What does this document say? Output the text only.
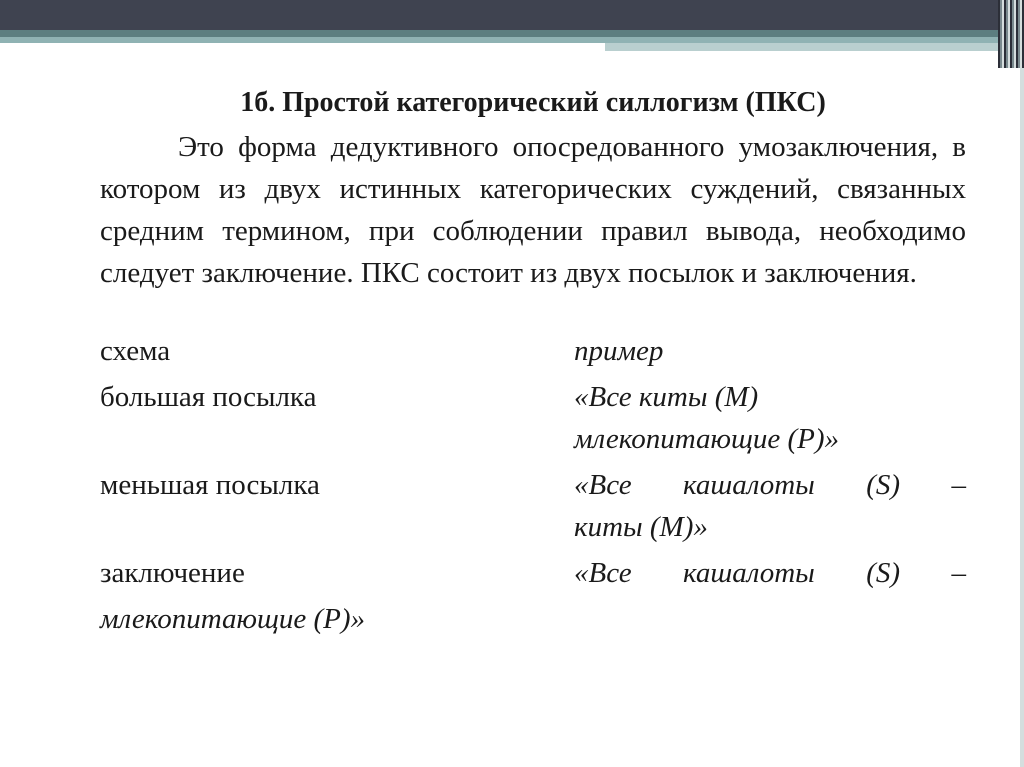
1б. Простой категорический силлогизм (ПКС)

Это форма дедуктивного опосредованного умозаключения, в котором из двух истинных категорических суждений, связанных средним термином, при соблюдении правил вывода, необходимо следует заключение. ПКС состоит из двух посылок и заключения.

схема	пример
большая посылка	«Все киты (М)
млекопитающие (Р)»
меньшая посылка	«Все кашалоты (S) –
киты (М)»
заключение	«Все кашалоты (S) –
млекопитающие (Р)»
